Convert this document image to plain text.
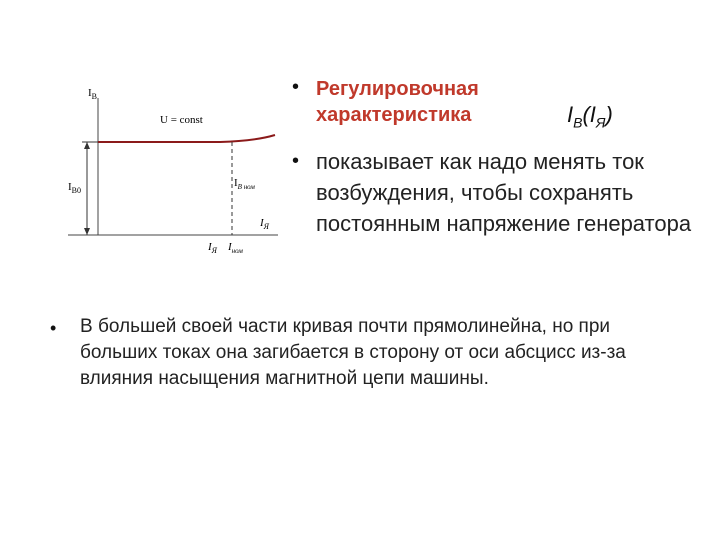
$I_В$
U = const
$I_{В0}$
$I_{В ном}$
$I_Я$
$I_Я$ $I_{ном}$
• Регулировочная характеристика	$I_В(I_Я)$
• показывает как надо менять ток возбуждения, чтобы сохранять постоянным напряжение генератора
• В большей своей части кривая почти прямолинейна, но при больших токах она загибается в сторону от оси абсцисс из-за влияния насыщения магнитной цепи машины.
